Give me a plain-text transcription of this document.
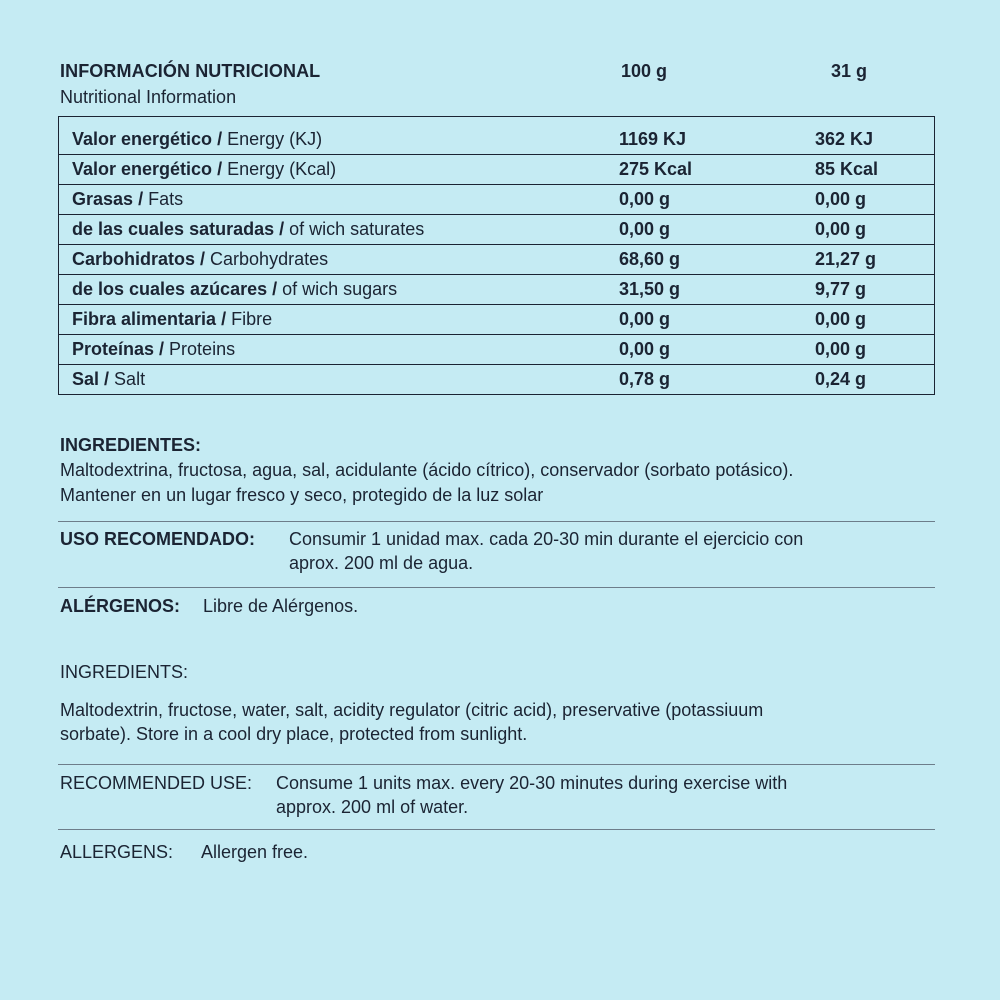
INFORMACIÓN NUTRICIONAL
Nutritional Information
100 g	31 g
Valor energético / Energy (KJ)	1169 KJ	362 KJ
Valor energético / Energy (Kcal)	275 Kcal	85 Kcal
Grasas / Fats	0,00 g	0,00 g
de las cuales saturadas / of wich saturates	0,00 g	0,00 g
Carbohidratos / Carbohydrates	68,60 g	21,27 g
de los cuales azúcares / of wich sugars	31,50 g	9,77 g
Fibra alimentaria / Fibre	0,00 g	0,00 g
Proteínas / Proteins	0,00 g	0,00 g
Sal / Salt	0,78 g	0,24 g
INGREDIENTES:
Maltodextrina, fructosa, agua, sal, acidulante (ácido cítrico), conservador (sorbato potásico).
Mantener en un lugar fresco y seco, protegido de la luz solar
USO RECOMENDADO: Consumir 1 unidad max. cada 20-30 min durante el ejercicio con
aprox. 200 ml de agua.
ALÉRGENOS: Libre de Alérgenos.
INGREDIENTS:
Maltodextrin, fructose, water, salt, acidity regulator (citric acid), preservative (potassiuum
sorbate). Store in a cool dry place, protected from sunlight.
RECOMMENDED USE: Consume 1 units max. every 20-30 minutes during exercise with
approx. 200 ml of water.
ALLERGENS: Allergen free.
